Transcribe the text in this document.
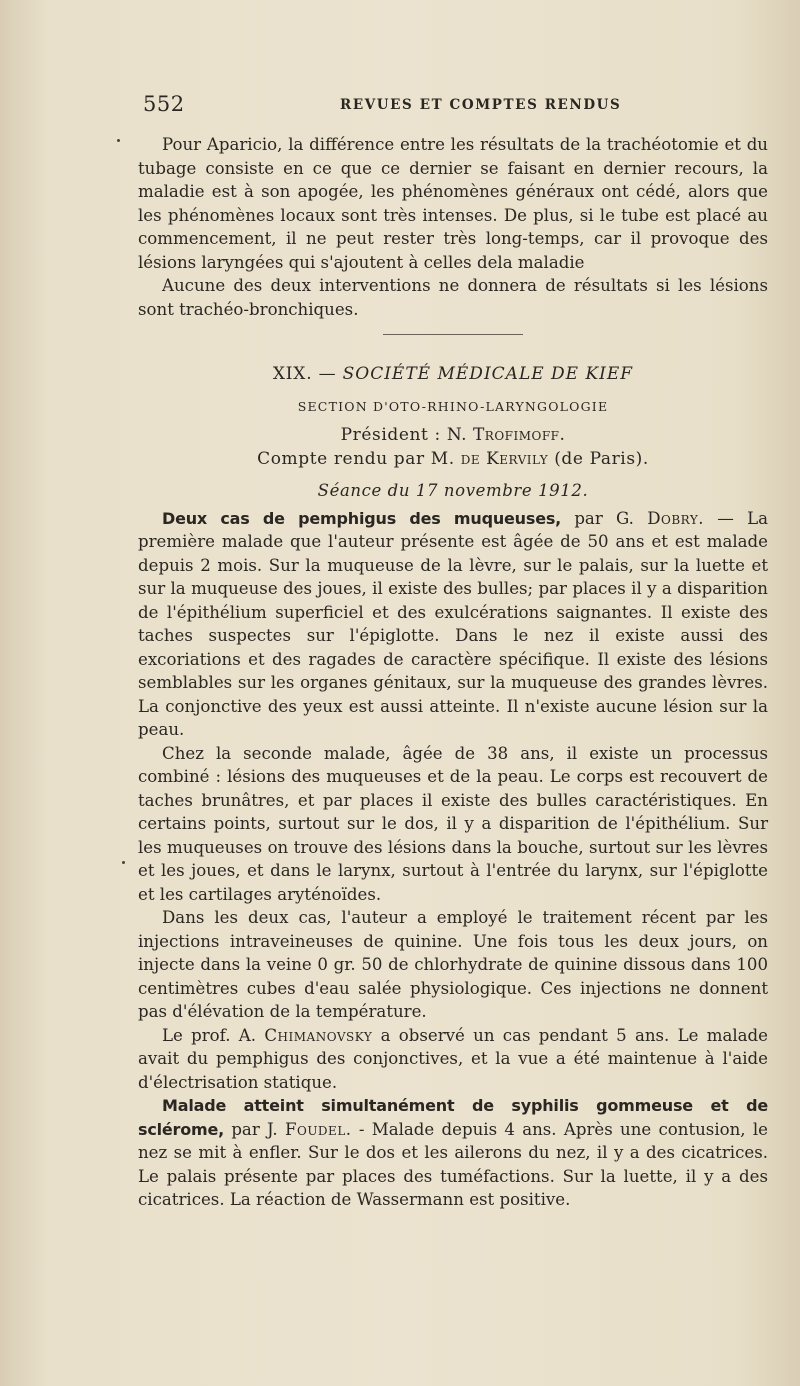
552	REVUES ET COMPTES RENDUS

Pour Aparicio, la différence entre les résultats de la trachéotomie et du tubage consiste en ce que ce dernier se faisant en dernier recours, la maladie est à son apogée, les phénomènes généraux ont cédé, alors que les phénomènes locaux sont très intenses. De plus, si le tube est placé au commencement, il ne peut rester très long-temps, car il provoque des lésions laryngées qui s'ajoutent à celles dela maladie

Aucune des deux interventions ne donnera de résultats si les lésions sont trachéo-bronchiques.

XIX. — SOCIÉTÉ MÉDICALE DE KIEF

SECTION D'OTO-RHINO-LARYNGOLOGIE

Président : N. Trofimoff.

Compte rendu par M. de Kervily (de Paris).

Séance du 17 novembre 1912.

Deux cas de pemphigus des muqueuses, par G. Dobry. — La première malade que l'auteur présente est âgée de 50 ans et est malade depuis 2 mois. Sur la muqueuse de la lèvre, sur le palais, sur la luette et sur la muqueuse des joues, il existe des bulles; par places il y a disparition de l'épithélium superficiel et des exulcérations saignantes. Il existe des taches suspectes sur l'épiglotte. Dans le nez il existe aussi des excoriations et des ragades de caractère spécifique. Il existe des lésions semblables sur les organes génitaux, sur la muqueuse des grandes lèvres. La conjonctive des yeux est aussi atteinte. Il n'existe aucune lésion sur la peau.

Chez la seconde malade, âgée de 38 ans, il existe un processus combiné : lésions des muqueuses et de la peau. Le corps est recouvert de taches brunâtres, et par places il existe des bulles caractéristiques. En certains points, surtout sur le dos, il y a disparition de l'épithélium. Sur les muqueuses on trouve des lésions dans la bouche, surtout sur les lèvres et les joues, et dans le larynx, surtout à l'entrée du larynx, sur l'épiglotte et les cartilages aryténoïdes.

Dans les deux cas, l'auteur a employé le traitement récent par les injections intraveineuses de quinine. Une fois tous les deux jours, on injecte dans la veine 0 gr. 50 de chlorhydrate de quinine dissous dans 100 centimètres cubes d'eau salée physiologique. Ces injections ne donnent pas d'élévation de la température.

Le prof. A. Chimanovsky a observé un cas pendant 5 ans. Le malade avait du pemphigus des conjonctives, et la vue a été maintenue à l'aide d'électrisation statique.

Malade atteint simultanément de syphilis gommeuse et de sclérome, par J. Foudel. - Malade depuis 4 ans. Après une contusion, le nez se mit à enfler. Sur le dos et les ailerons du nez, il y a des cicatrices. Le palais présente par places des tuméfactions. Sur la luette, il y a des cicatrices. La réaction de Wassermann est positive.
